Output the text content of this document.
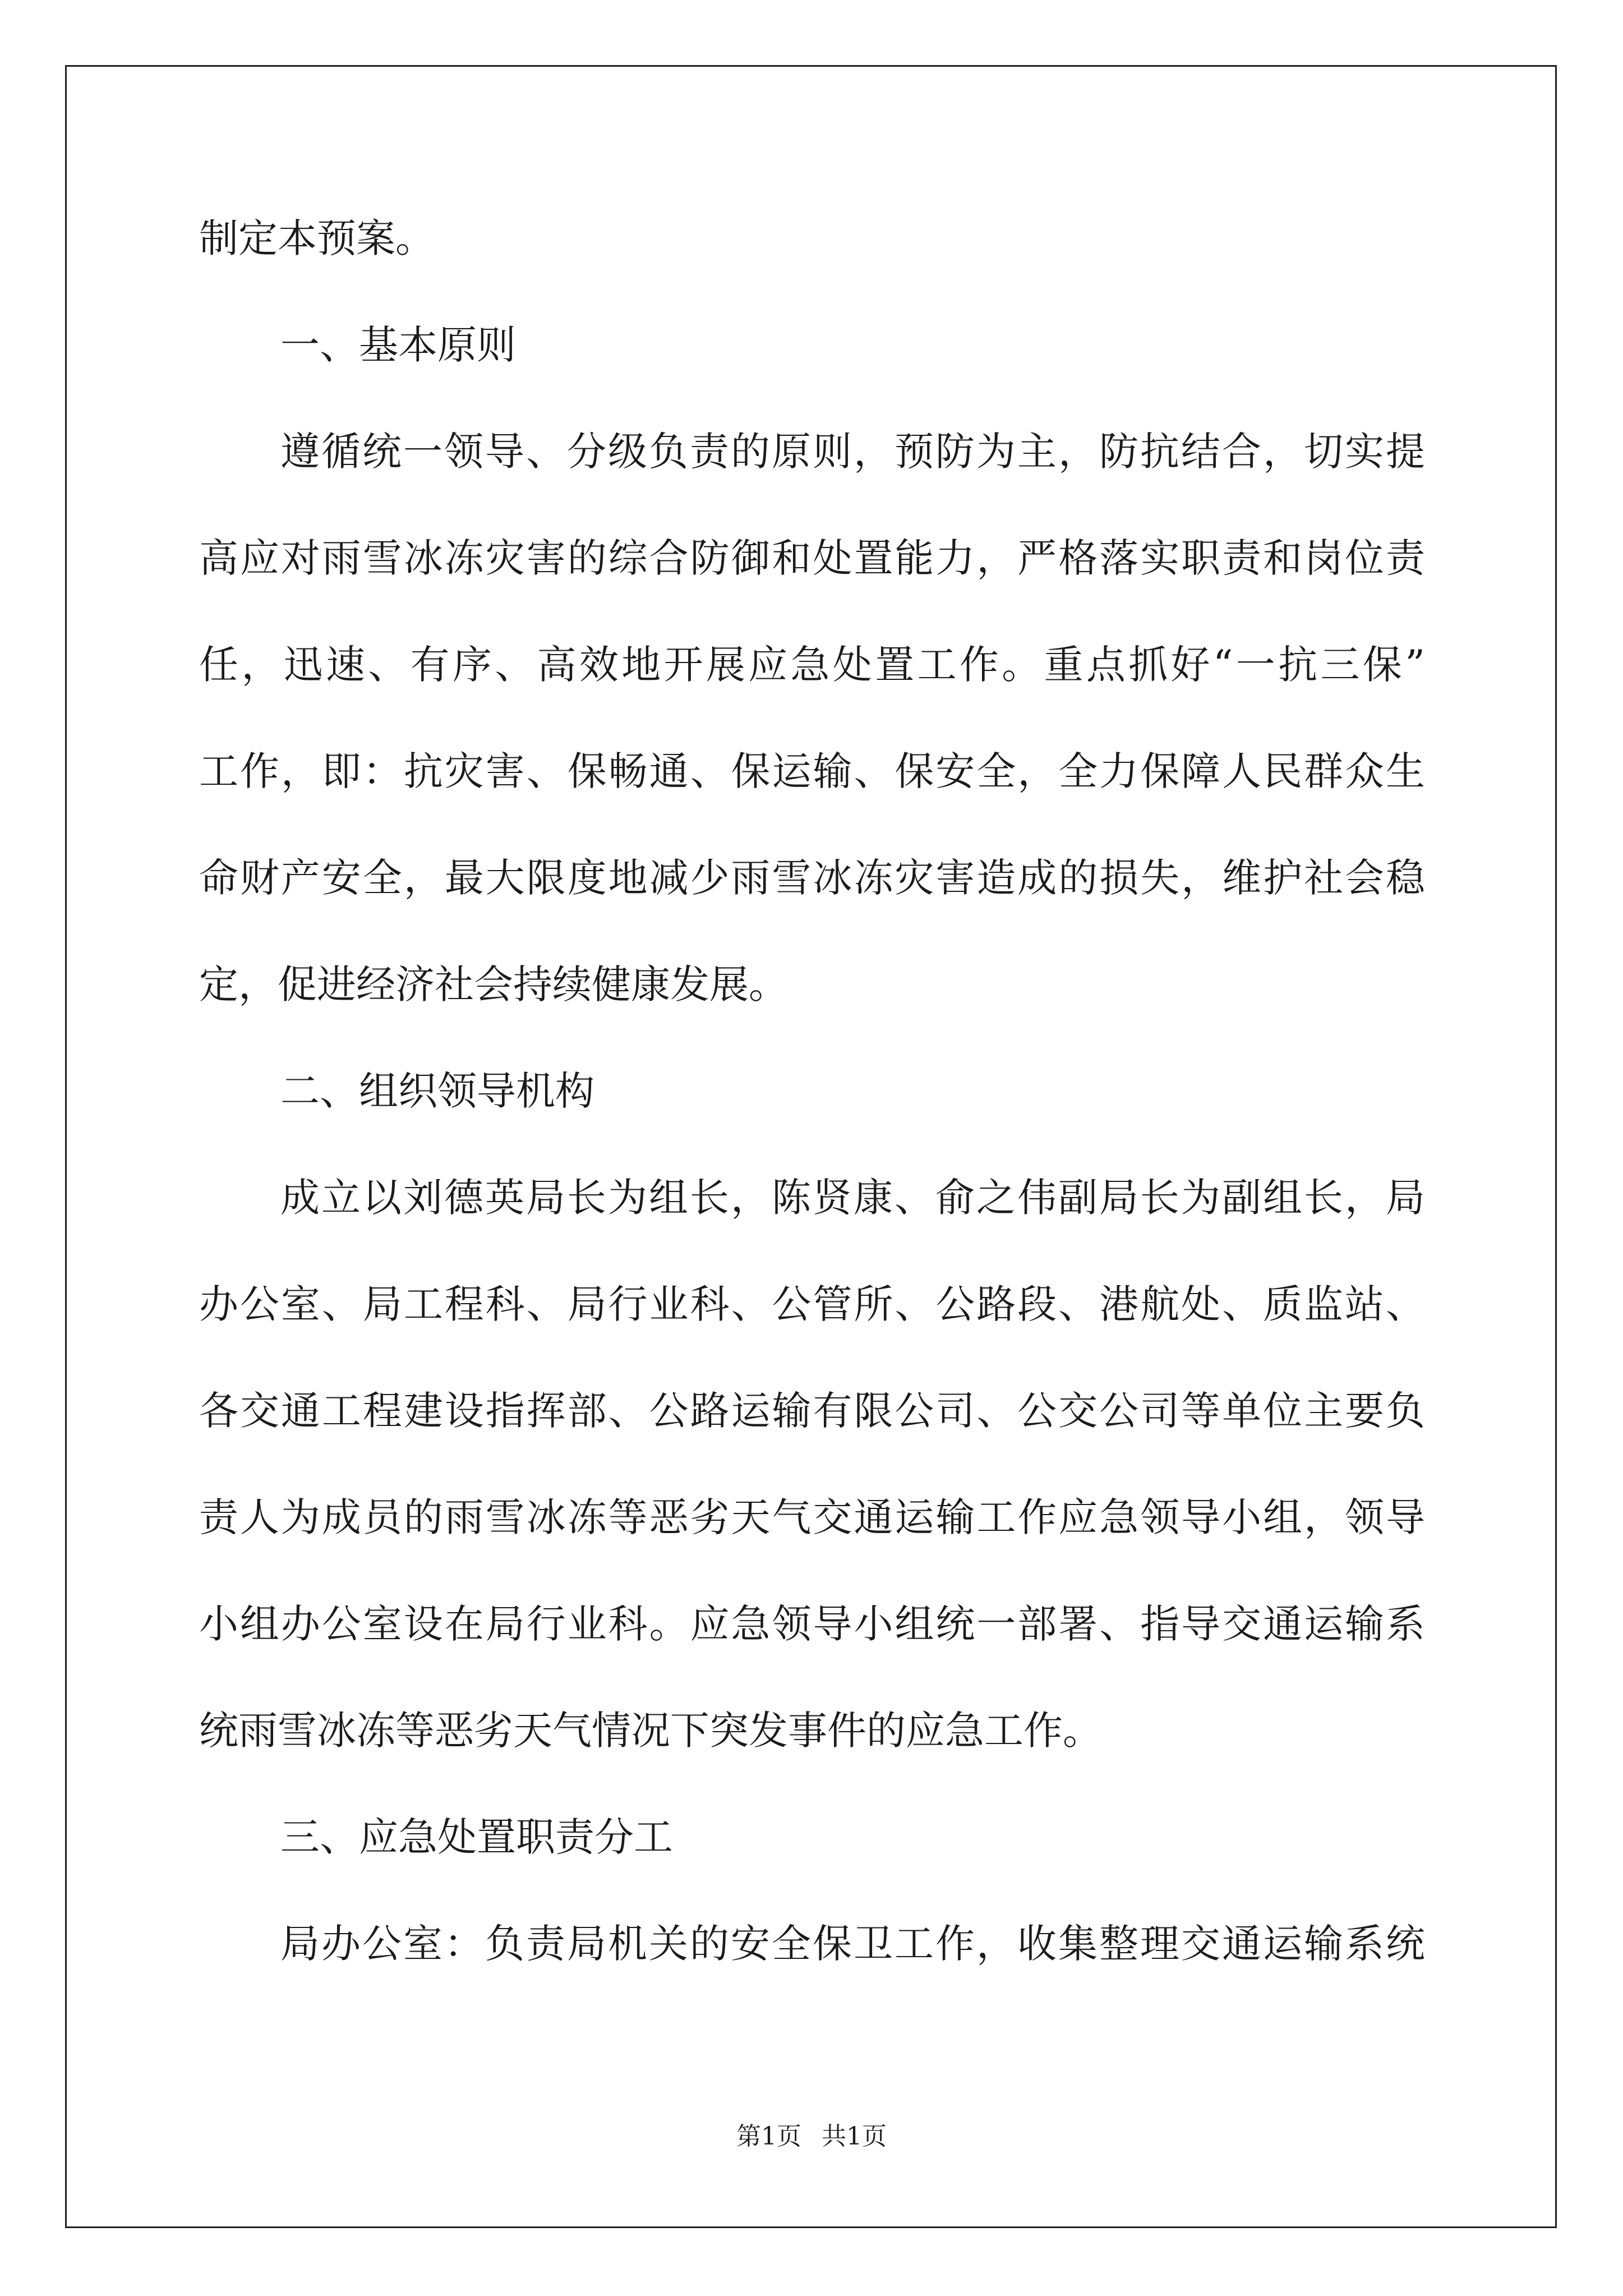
制定本预案。
一、基本原则
遵循统一领导、分级负责的原则，预防为主，防抗结合，切实提
高应对雨雪冰冻灾害的综合防御和处置能力，严格落实职责和岗位责
任，迅速、有序、高效地开展应急处置工作。重点抓好“一抗三保”
工作，即：抗灾害、保畅通、保运输、保安全，全力保障人民群众生
命财产安全，最大限度地减少雨雪冰冻灾害造成的损失，维护社会稳
定，促进经济社会持续健康发展。
二、组织领导机构
成立以刘德英局长为组长，陈贤康、俞之伟副局长为副组长，局
办公室、局工程科、局行业科、公管所、公路段、港航处、质监站、
各交通工程建设指挥部、公路运输有限公司、公交公司等单位主要负
责人为成员的雨雪冰冻等恶劣天气交通运输工作应急领导小组，领导
小组办公室设在局行业科。应急领导小组统一部署、指导交通运输系
统雨雪冰冻等恶劣天气情况下突发事件的应急工作。
三、应急处置职责分工
局办公室：负责局机关的安全保卫工作，收集整理交通运输系统
第1页 共1页
